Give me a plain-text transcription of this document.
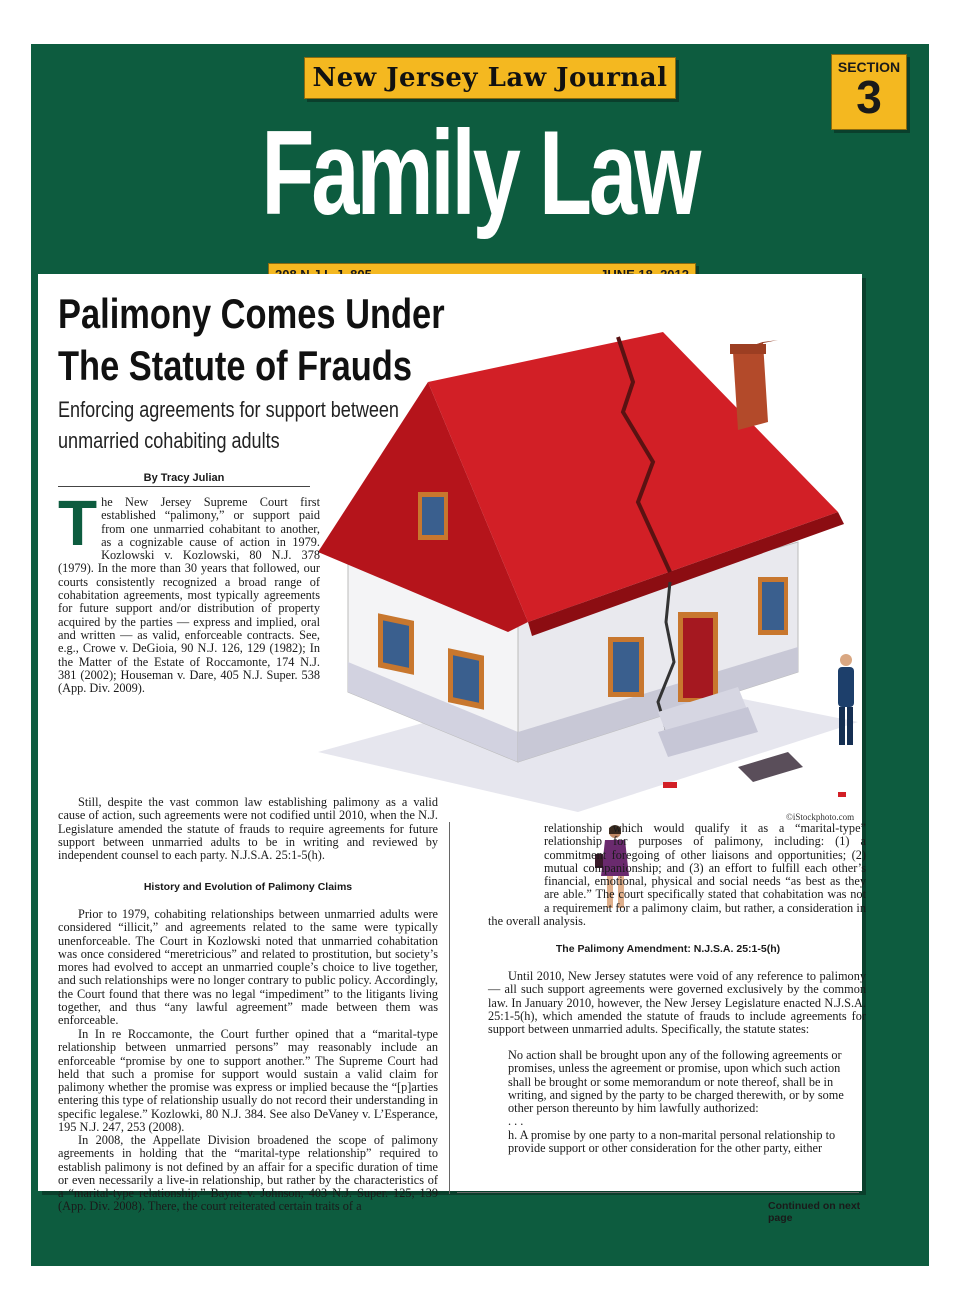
New Jersey Law Journal	SECTION
3
Family Law
Palimony Comes Under
The Statute of Frauds

Enforcing agreements for support between
unmarried cohabiting adults

By Tracy Julian
©iStockphoto.com
The New Jersey Supreme Court first established “palimony,” or support paid from one unmarried cohabitant to another, as a cognizable cause of action in 1979. Kozlowski v. Kozlowski, 80 N.J. 378 (1979). In the more than 30 years that followed, our courts consistently recognized a broad range of cohabitation agreements, most typically agreements for future support and/or distribution of property acquired by the parties — express and implied, oral and written — as valid, enforceable contracts. See, e.g., Crowe v. DeGioia, 90 N.J. 126, 129 (1982); In the Matter of the Estate of Roccamonte, 174 N.J. 381 (2002); Houseman v. Dare, 405 N.J. Super. 538 (App. Div. 2009).

Still, despite the vast common law establishing palimony as a valid cause of action, such agreements were not codified until 2010, when the N.J. Legislature amended the statute of frauds to require agreements for future support between unmarried adults to be in writing and reviewed by independent counsel to each party. N.J.S.A. 25:1-5(h).

History and Evolution of Palimony Claims

Prior to 1979, cohabiting relationships between unmarried adults were considered “illicit,” and agreements related to the same were typically unenforceable. The Court in Kozlowski noted that unmarried cohabitation was once considered “meretricious” and related to prostitution, but society’s mores had evolved to accept an unmarried couple’s choice to live together, and such relationships were no longer contrary to public policy. Accordingly, the Court found that there was no legal “impediment” to the litigants living together, and thus “any lawful agreement” made between them was enforceable.

In In re Roccamonte, the Court further opined that a “marital-type relationship between unmarried persons” may reasonably include an enforceable “promise by one to support another.” The Supreme Court had held that such a promise for support would sustain a valid claim for palimony whether the promise was express or implied because the “[p]arties entering this type of relationship usually do not record their understanding in specific legalese.” Kozlowki, 80 N.J. 384. See also DeVaney v. L’Esperance, 195 N.J. 247, 253 (2008).

In 2008, the Appellate Division broadened the scope of palimony agreements in holding that the “marital-type relationship” required to establish palimony is not defined by an affair for a specific duration of time or even necessarily a live-in relationship, but rather by the characteristics of a “marital-type relationship.” Bayne v. Johnson, 403 N.J. Super. 125, 139 (App. Div. 2008). There, the court reiterated certain traits of a

relationship which would qualify it as a “marital-type” relationship for purposes of palimony, including: (1) a commitment foregoing of other liaisons and opportunities; (2) mutual companionship; and (3) an effort to fulfill each other’s financial, emotional, physical and social needs “as best as they are able.” The court specifically stated that cohabitation was not a requirement for a palimony claim, but rather, a consideration in the overall analysis.

The Palimony Amendment: N.J.S.A. 25:1-5(h)

Until 2010, New Jersey statutes were void of any reference to palimony — all such support agreements were governed exclusively by the common law. In January 2010, however, the New Jersey Legislature enacted N.J.S.A. 25:1-5(h), which amended the statute of frauds to include agreements for support between unmarried adults. Specifically, the statute states:

No action shall be brought upon any of the following agreements or promises, unless the agreement or promise, upon which such action shall be brought or some memorandum or note thereof, shall be in writing, and signed by the party to be charged therewith, or by some other person thereunto by him lawfully authorized:

. . .

h. A promise by one party to a non-marital personal relationship to provide support or other consideration for the other party, either

Continued on next page
